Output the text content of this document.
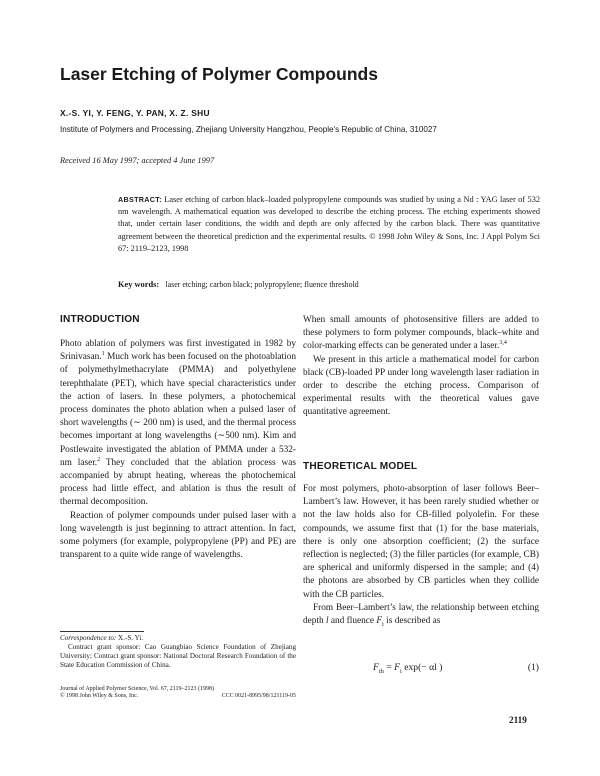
Laser Etching of Polymer Compounds
X.-S. YI, Y. FENG, Y. PAN, X. Z. SHU
Institute of Polymers and Processing, Zhejiang University Hangzhou, People’s Republic of China, 310027
Received 16 May 1997; accepted 4 June 1997
ABSTRACT: Laser etching of carbon black–loaded polypropylene compounds was studied by using a Nd : YAG laser of 532 nm wavelength. A mathematical equation was developed to describe the etching process. The etching experiments showed that, under certain laser conditions, the width and depth are only affected by the carbon black. There was quantitative agreement between the theoretical prediction and the experimental results. © 1998 John Wiley & Sons, Inc. J Appl Polym Sci 67: 2119–2123, 1998
Key words: laser etching; carbon black; polypropylene; fluence threshold
INTRODUCTION

Photo ablation of polymers was first investigated in 1982 by Srinivasan.$^1$ Much work has been focused on the photoablation of polymethylmethacrylate (PMMA) and polyethylene terephthalate (PET), which have special characteristics under the action of lasers. In these polymers, a photochemical process dominates the photo ablation when a pulsed laser of short wavelengths (∼ 200 nm) is used, and the thermal process becomes important at long wavelengths (∼500 nm). Kim and Postlewaite investigated the ablation of PMMA under a 532-nm laser.$^2$ They concluded that the ablation process was accompanied by abrupt heating, whereas the photochemical process had little effect, and ablation is thus the result of thermal decomposition.

Reaction of polymer compounds under pulsed laser with a long wavelength is just beginning to attract attention. In fact, some polymers (for example, polypropylene (PP) and PE) are transparent to a quite wide range of wavelengths.

When small amounts of photosensitive fillers are added to these polymers to form polymer compounds, black–white and color-marking effects can be generated under a laser.$^{3,4}$

We present in this article a mathematical model for carbon black (CB)-loaded PP under long wavelength laser radiation in order to describe the etching process. Comparison of experimental results with the theoretical values gave quantitative agreement.

THEORETICAL MODEL

For most polymers, photo-absorption of laser follows Beer–Lambert’s law. However, it has been rarely studied whether or not the law holds also for CB-filled polyolefin. For these compounds, we assume first that (1) for the base materials, there is only one absorption coefficient; (2) the surface reflection is neglected; (3) the filler particles (for example, CB) are spherical and uniformly dispersed in the sample; and (4) the photons are absorbed by CB particles when they collide with the CB particles.

From Beer–Lambert’s law, the relationship between etching depth l and fluence $F_i$ is described as

$F_{th} = F_i$ exp(− αl )	(1)

Correspondence to: X.-S. Yi.

Contract grant sponsor: Cao Guangbiao Science Foundation of Zhejiang University; Contract grant sponsor: National Doctoral Research Foundation of the State Education Commission of China.

Journal of Applied Polymer Science, Vol. 67, 2119–2123 (1998)
© 1998 John Wiley & Sons, Inc.	CCC 0021-8995/98/121119-05
2119
